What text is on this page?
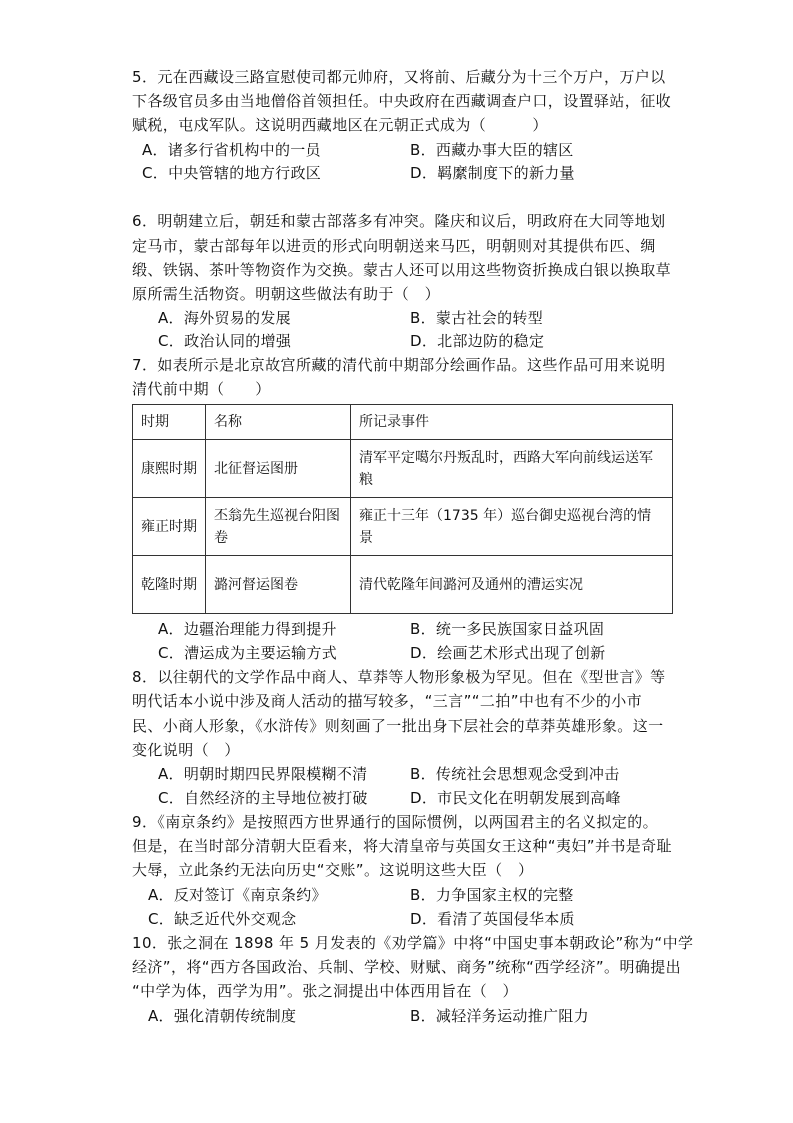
5．元在西藏设三路宣慰使司都元帅府，又将前、后藏分为十三个万户，万户以
下各级官员多由当地僧俗首领担任。中央政府在西藏调查户口，设置驿站，征收
赋税，屯戍军队。这说明西藏地区在元朝正式成为（　　　）
A．诸多行省机构中的一员	B．西藏办事大臣的辖区
C．中央管辖的地方行政区	D．羁縻制度下的新力量
6．明朝建立后，朝廷和蒙古部落多有冲突。隆庆和议后，明政府在大同等地划
定马市，蒙古部每年以进贡的形式向明朝送来马匹，明朝则对其提供布匹、绸
缎、铁锅、茶叶等物资作为交换。蒙古人还可以用这些物资折换成白银以换取草
原所需生活物资。明朝这些做法有助于（　）
A．海外贸易的发展	B．蒙古社会的转型
C．政治认同的增强	D．北部边防的稳定
7．如表所示是北京故宫所藏的清代前中期部分绘画作品。这些作品可用来说明
清代前中期（　　）
时期	名称	所记录事件
康熙时期	北征督运图册	清军平定噶尔丹叛乱时，西路大军向前线运送军粮
雍正时期	丕翁先生巡视台阳图卷	雍正十三年（1735 年）巡台御史巡视台湾的情景
乾隆时期	潞河督运图卷	清代乾隆年间潞河及通州的漕运实况
A．边疆治理能力得到提升	B．统一多民族国家日益巩固
C．漕运成为主要运输方式	D．绘画艺术形式出现了创新
8．以往朝代的文学作品中商人、草莽等人物形象极为罕见。但在《型世言》等
明代话本小说中涉及商人活动的描写较多，“三言”“二拍”中也有不少的小市
民、小商人形象，《水浒传》则刻画了一批出身下层社会的草莽英雄形象。这一
变化说明（　）
A．明朝时期四民界限模糊不清	B．传统社会思想观念受到冲击
C．自然经济的主导地位被打破	D．市民文化在明朝发展到高峰
9．《南京条约》是按照西方世界通行的国际惯例，以两国君主的名义拟定的。
但是，在当时部分清朝大臣看来，将大清皇帝与英国女王这种“夷妇”并书是奇耻
大辱，立此条约无法向历史“交账”。这说明这些大臣（　）
A．反对签订《南京条约》	B．力争国家主权的完整
C．缺乏近代外交观念	D．看清了英国侵华本质
10．张之洞在 1898 年 5 月发表的《劝学篇》中将“中国史事本朝政论”称为“中学
经济”，将“西方各国政治、兵制、学校、财赋、商务”统称“西学经济”。明确提出
“中学为体，西学为用”。张之洞提出中体西用旨在（　）
A．强化清朝传统制度	B．减轻洋务运动推广阻力
